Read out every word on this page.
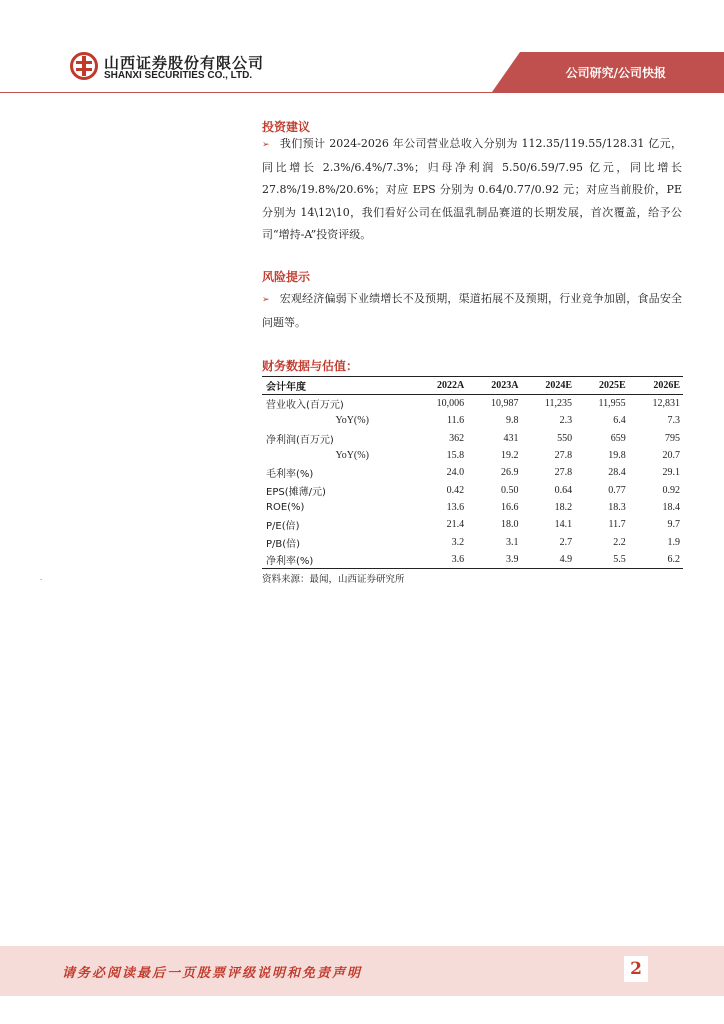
山西证券股份有限公司
SHANXI SECURITIES CO., LTD.	公司研究/公司快报
投资建议
➢ 我们预计 2024-2026 年公司营业总收入分别为 112.35/119.55/128.31 亿元，同比增长 2.3%/6.4%/7.3%；归母净利润 5.50/6.59/7.95 亿元，同比增长 27.8%/19.8%/20.6%；对应 EPS 分别为 0.64/0.77/0.92 元；对应当前股价，PE 分别为 14\12\10，我们看好公司在低温乳制品赛道的长期发展，首次覆盖，给予公司“增持-A”投资评级。
风险提示
➢ 宏观经济偏弱下业绩增长不及预期，渠道拓展不及预期，行业竞争加剧，食品安全问题等。
财务数据与估值：
会计年度	2022A	2023A	2024E	2025E	2026E
营业收入(百万元)	10,006	10,987	11,235	11,955	12,831
YoY(%)	11.6	9.8	2.3	6.4	7.3
净利润(百万元)	362	431	550	659	795
YoY(%)	15.8	19.2	27.8	19.8	20.7
毛利率(%)	24.0	26.9	27.8	28.4	29.1
EPS(摊薄/元)	0.42	0.50	0.64	0.77	0.92
ROE(%)	13.6	16.6	18.2	18.3	18.4
P/E(倍)	21.4	18.0	14.1	11.7	9.7
P/B(倍)	3.2	3.1	2.7	2.2	1.9
净利率(%)	3.6	3.9	4.9	5.5	6.2
资料来源：最闻，山西证券研究所
·
请务必阅读最后一页股票评级说明和免责声明	2
